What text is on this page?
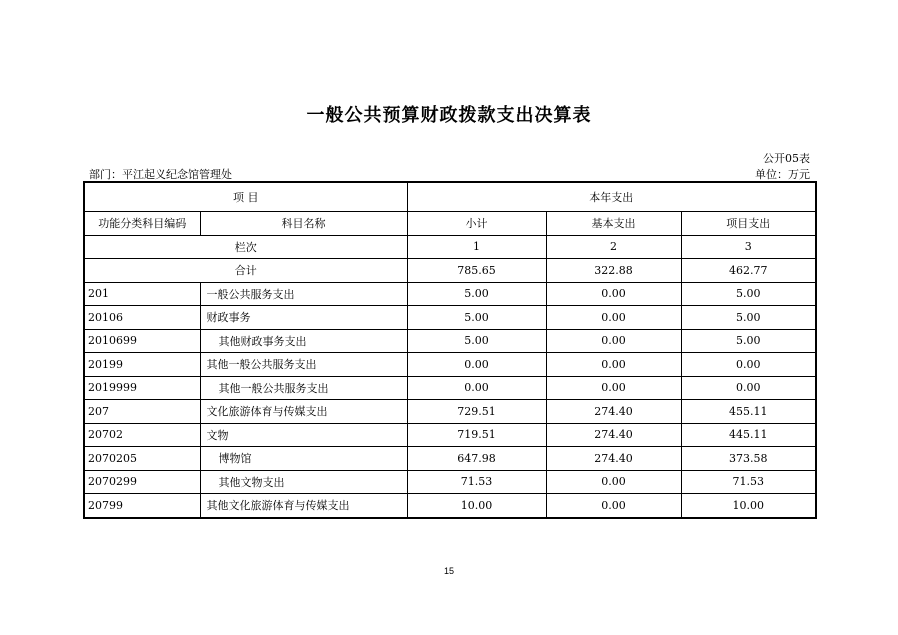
一般公共预算财政拨款支出决算表
公开05表
部门：平江起义纪念馆管理处	单位：万元
项 目		本年支出		
功能分类科目编码	科目名称	小计	基本支出	项目支出
栏次		1	2	3
合计		785.65	322.88	462.77
201	一般公共服务支出	5.00	0.00	5.00
20106	财政事务	5.00	0.00	5.00
2010699	其他财政事务支出	5.00	0.00	5.00
20199	其他一般公共服务支出	0.00	0.00	0.00
2019999	其他一般公共服务支出	0.00	0.00	0.00
207	文化旅游体育与传媒支出	729.51	274.40	455.11
20702	文物	719.51	274.40	445.11
2070205	博物馆	647.98	274.40	373.58
2070299	其他文物支出	71.53	0.00	71.53
20799	其他文化旅游体育与传媒支出	10.00	0.00	10.00
15
